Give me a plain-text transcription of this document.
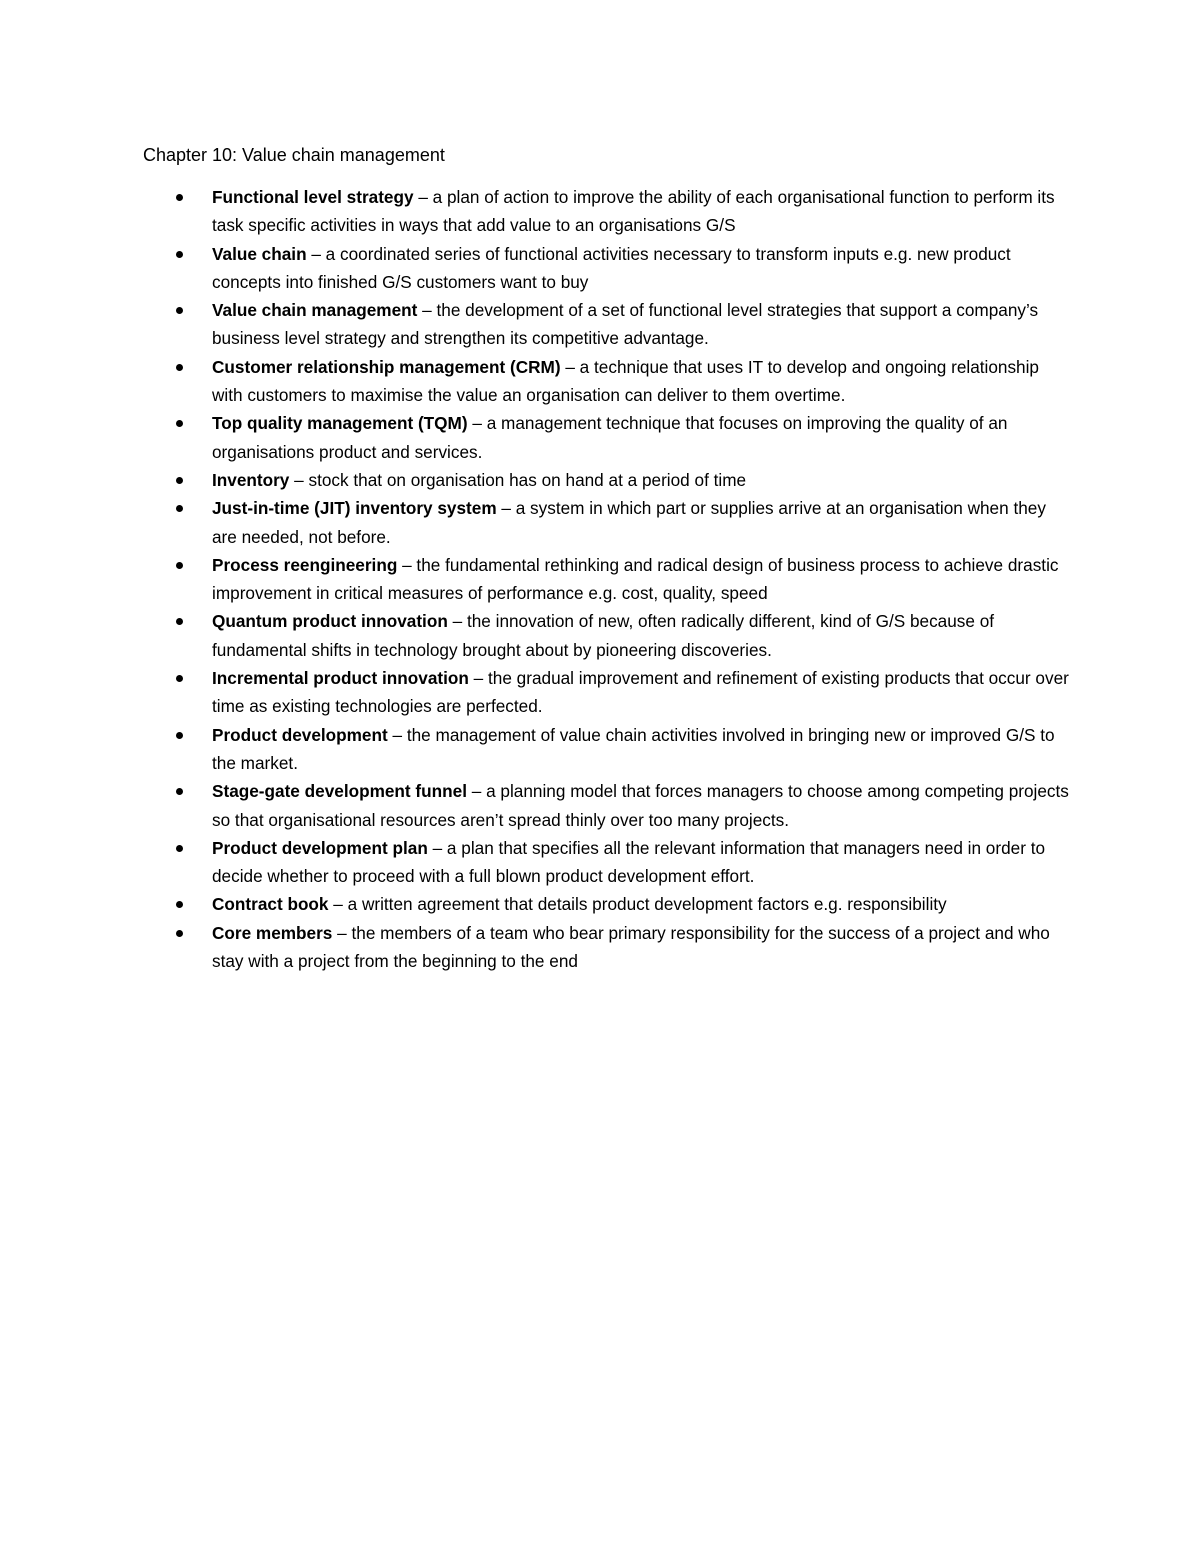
Chapter 10: Value chain management
Functional level strategy – a plan of action to improve the ability of each organisational function to perform its task specific activities in ways that add value to an organisations G/S
Value chain – a coordinated series of functional activities necessary to transform inputs e.g. new product concepts into finished G/S customers want to buy
Value chain management – the development of a set of functional level strategies that support a company’s business level strategy and strengthen its competitive advantage.
Customer relationship management (CRM) – a technique that uses IT to develop and ongoing relationship with customers to maximise the value an organisation can deliver to them overtime.
Top quality management (TQM) – a management technique that focuses on improving the quality of an organisations product and services.
Inventory – stock that on organisation has on hand at a period of time
Just-in-time (JIT) inventory system – a system in which part or supplies arrive at an organisation when they are needed, not before.
Process reengineering – the fundamental rethinking and radical design of business process to achieve drastic improvement in critical measures of performance e.g. cost, quality, speed
Quantum product innovation – the innovation of new, often radically different, kind of G/S because of fundamental shifts in technology brought about by pioneering discoveries.
Incremental product innovation – the gradual improvement and refinement of existing products that occur over time as existing technologies are perfected.
Product development – the management of value chain activities involved in bringing new or improved G/S to the market.
Stage-gate development funnel – a planning model that forces managers to choose among competing projects so that organisational resources aren’t spread thinly over too many projects.
Product development plan – a plan that specifies all the relevant information that managers need in order to decide whether to proceed with a full blown product development effort.
Contract book – a written agreement that details product development factors e.g. responsibility
Core members – the members of a team who bear primary responsibility for the success of a project and who stay with a project from the beginning to the end
